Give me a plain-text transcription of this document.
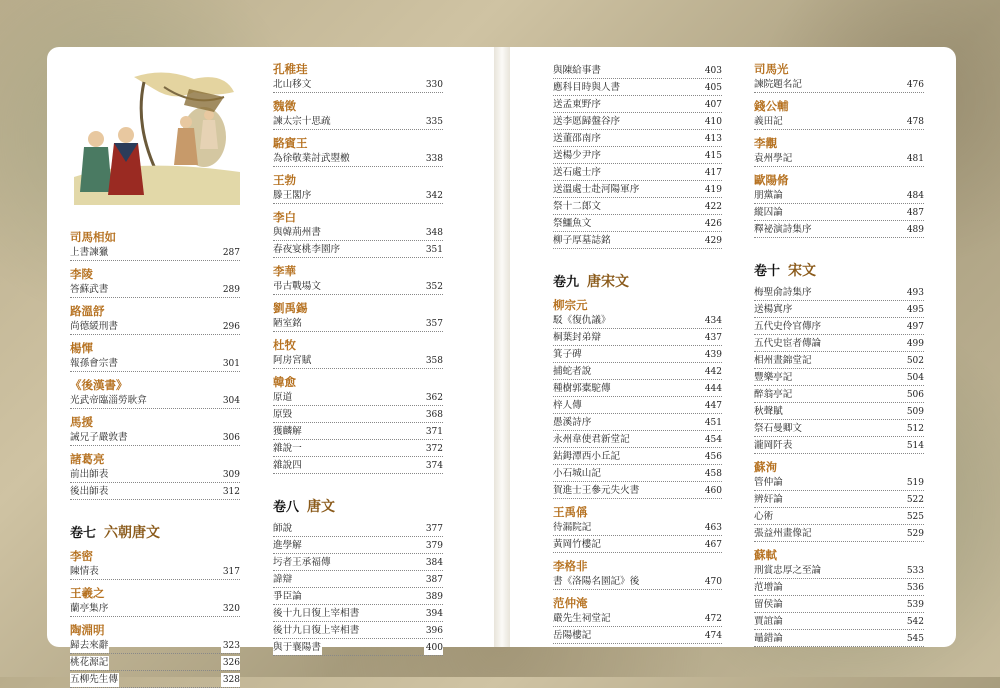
司馬相如
上書諫獵	287
李陵
答蘇武書	289
路溫舒
尚德緩刑書	296
楊惲
報孫會宗書	301
《後漢書》
光武帝臨淄勞耿弇	304
馬援
誡兄子嚴敦書	306
諸葛亮
前出師表	309
後出師表	312
卷七 六朝唐文
李密
陳情表	317
王羲之
蘭亭集序	320
陶淵明
歸去來辭	323
桃花源記	326
五柳先生傳	328
孔稚珪
北山移文	330
魏徵
諫太宗十思疏	335
駱賓王
為徐敬業討武曌檄	338
王勃
滕王閣序	342
李白
與韓荊州書	348
春夜宴桃李園序	351
李華
弔古戰場文	352
劉禹錫
陋室銘	357
杜牧
阿房宮賦	358
韓愈
原道	362
原毀	368
獲麟解	371
雜說一	372
雜說四	374
卷八 唐文
師說	377
進學解	379
圬者王承福傳	384
諱辯	387
爭臣論	389
後十九日復上宰相書	394
後廿九日復上宰相書	396
與于襄陽書	400
與陳給事書	403
應科目時與人書	405
送孟東野序	407
送李愿歸盤谷序	410
送董邵南序	413
送楊少尹序	415
送石處士序	417
送溫處士赴河陽軍序	419
祭十二郎文	422
祭鱷魚文	426
柳子厚墓誌銘	429
卷九 唐宋文
柳宗元
駁《復仇議》	434
桐葉封弟辯	437
箕子碑	439
捕蛇者說	442
種樹郭橐駝傳	444
梓人傳	447
愚溪詩序	451
永州韋使君新堂記	454
鈷鉧潭西小丘記	456
小石城山記	458
賀進士王參元失火書	460
王禹偁
待漏院記	463
黃岡竹樓記	467
李格非
書《洛陽名園記》後	470
范仲淹
嚴先生祠堂記	472
岳陽樓記	474
司馬光
諫院題名記	476
錢公輔
義田記	478
李覯
袁州學記	481
歐陽脩
朋黨論	484
縱囚論	487
釋祕演詩集序	489
卷十 宋文
梅聖俞詩集序	493
送楊寘序	495
五代史伶官傳序	497
五代史宦者傳論	499
相州晝錦堂記	502
豐樂亭記	504
醉翁亭記	506
秋聲賦	509
祭石曼卿文	512
瀧岡阡表	514
蘇洵
管仲論	519
辨奸論	522
心術	525
張益州畫像記	529
蘇軾
刑賞忠厚之至論	533
范增論	536
留侯論	539
賈誼論	542
鼂錯論	545
